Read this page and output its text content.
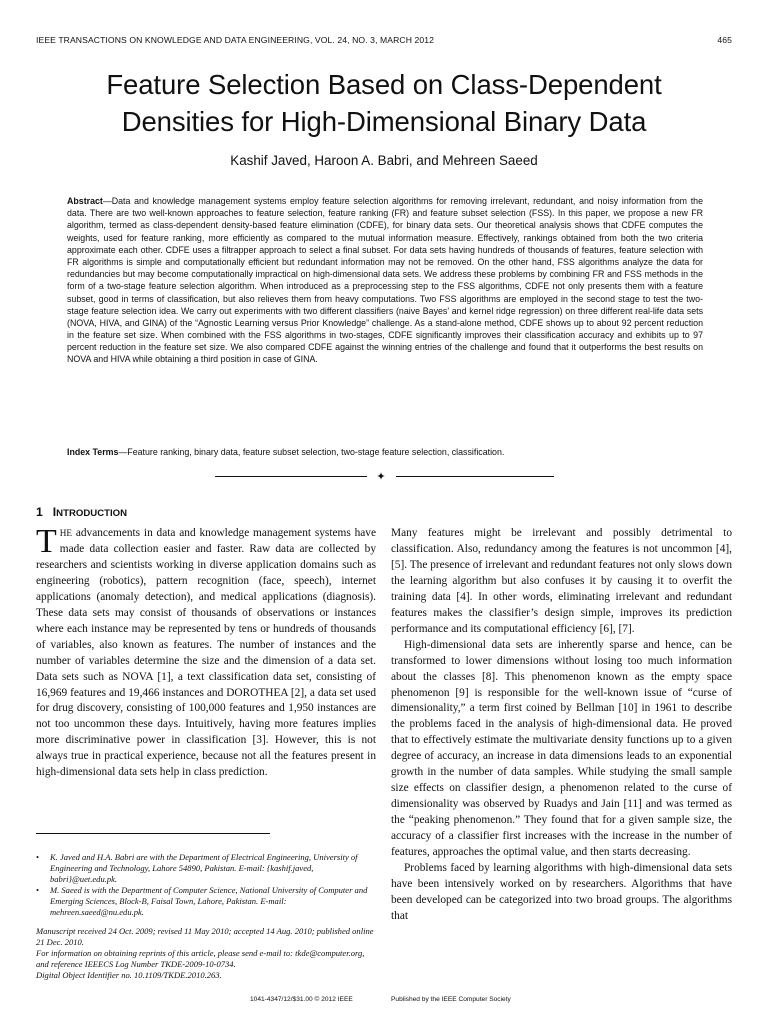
IEEE TRANSACTIONS ON KNOWLEDGE AND DATA ENGINEERING, VOL. 24, NO. 3, MARCH 2012	465
Feature Selection Based on Class-Dependent
Densities for High-Dimensional Binary Data
Kashif Javed, Haroon A. Babri, and Mehreen Saeed
Abstract—Data and knowledge management systems employ feature selection algorithms for removing irrelevant, redundant, and noisy information from the data. There are two well-known approaches to feature selection, feature ranking (FR) and feature subset selection (FSS). In this paper, we propose a new FR algorithm, termed as class-dependent density-based feature elimination (CDFE), for binary data sets. Our theoretical analysis shows that CDFE computes the weights, used for feature ranking, more efficiently as compared to the mutual information measure. Effectively, rankings obtained from both the two criteria approximate each other. CDFE uses a filtrapper approach to select a final subset. For data sets having hundreds of thousands of features, feature selection with FR algorithms is simple and computationally efficient but redundant information may not be removed. On the other hand, FSS algorithms analyze the data for redundancies but may become computationally impractical on high-dimensional data sets. We address these problems by combining FR and FSS methods in the form of a two-stage feature selection algorithm. When introduced as a preprocessing step to the FSS algorithms, CDFE not only presents them with a feature subset, good in terms of classification, but also relieves them from heavy computations. Two FSS algorithms are employed in the second stage to test the two-stage feature selection idea. We carry out experiments with two different classifiers (naive Bayes' and kernel ridge regression) on three different real-life data sets (NOVA, HIVA, and GINA) of the “Agnostic Learning versus Prior Knowledge” challenge. As a stand-alone method, CDFE shows up to about 92 percent reduction in the feature set size. When combined with the FSS algorithms in two-stages, CDFE significantly improves their classification accuracy and exhibits up to 97 percent reduction in the feature set size. We also compared CDFE against the winning entries of the challenge and found that it outperforms the best results on NOVA and HIVA while obtaining a third position in case of GINA.
Index Terms—Feature ranking, binary data, feature subset selection, two-stage feature selection, classification.
✦
1 INTRODUCTION

THE advancements in data and knowledge management systems have made data collection easier and faster. Raw data are collected by researchers and scientists working in diverse application domains such as engineering (robotics), pattern recognition (face, speech), internet applications (anomaly detection), and medical applications (diagnosis). These data sets may consist of thousands of observations or instances where each instance may be represented by tens or hundreds of thousands of variables, also known as features. The number of instances and the number of variables determine the size and the dimension of a data set. Data sets such as NOVA [1], a text classification data set, consisting of 16,969 features and 19,466 instances and DOROTHEA [2], a data set used for drug discovery, consisting of 100,000 features and 1,950 instances are not too uncommon these days. Intuitively, having more features implies more discriminative power in classification [3]. However, this is not always true in practical experience, because not all the features present in high-dimensional data sets help in class prediction.

• K. Javed and H.A. Babri are with the Department of Electrical Engineering, University of Engineering and Technology, Lahore 54890, Pakistan. E-mail: {kashif.javed, babri}@uet.edu.pk.
• M. Saeed is with the Department of Computer Science, National University of Computer and Emerging Sciences, Block-B, Faisal Town, Lahore, Pakistan. E-mail: mehreen.saeed@nu.edu.pk.
Manuscript received 24 Oct. 2009; revised 11 May 2010; accepted 14 Aug. 2010; published online 21 Dec. 2010.
For information on obtaining reprints of this article, please send e-mail to: tkde@computer.org, and reference IEEECS Log Number TKDE-2009-10-0734.
Digital Object Identifier no. 10.1109/TKDE.2010.263.

Many features might be irrelevant and possibly detrimental to classification. Also, redundancy among the features is not uncommon [4], [5]. The presence of irrelevant and redundant features not only slows down the learning algorithm but also confuses it by causing it to overfit the training data [4]. In other words, eliminating irrelevant and redundant features makes the classifier’s design simple, improves its prediction performance and its computational efficiency [6], [7].

High-dimensional data sets are inherently sparse and hence, can be transformed to lower dimensions without losing too much information about the classes [8]. This phenomenon known as the empty space phenomenon [9] is responsible for the well-known issue of “curse of dimensionality,” a term first coined by Bellman [10] in 1961 to describe the problems faced in the analysis of high-dimensional data. He proved that to effectively estimate the multivariate density functions up to a given degree of accuracy, an increase in data dimensions leads to an exponential growth in the number of data samples. While studying the small sample size effects on classifier design, a phenomenon related to the curse of dimensionality was observed by Ruadys and Jain [11] and was termed as the “peaking phenomenon.” They found that for a given sample size, the accuracy of a classifier first increases with the increase in the number of features, approaches the optimal value, and then starts decreasing.

Problems faced by learning algorithms with high-dimensional data sets have been intensively worked on by researchers. Algorithms that have been developed can be categorized into two broad groups. The algorithms that

1041-4347/12/$31.00 © 2012 IEEE	Published by the IEEE Computer Society
